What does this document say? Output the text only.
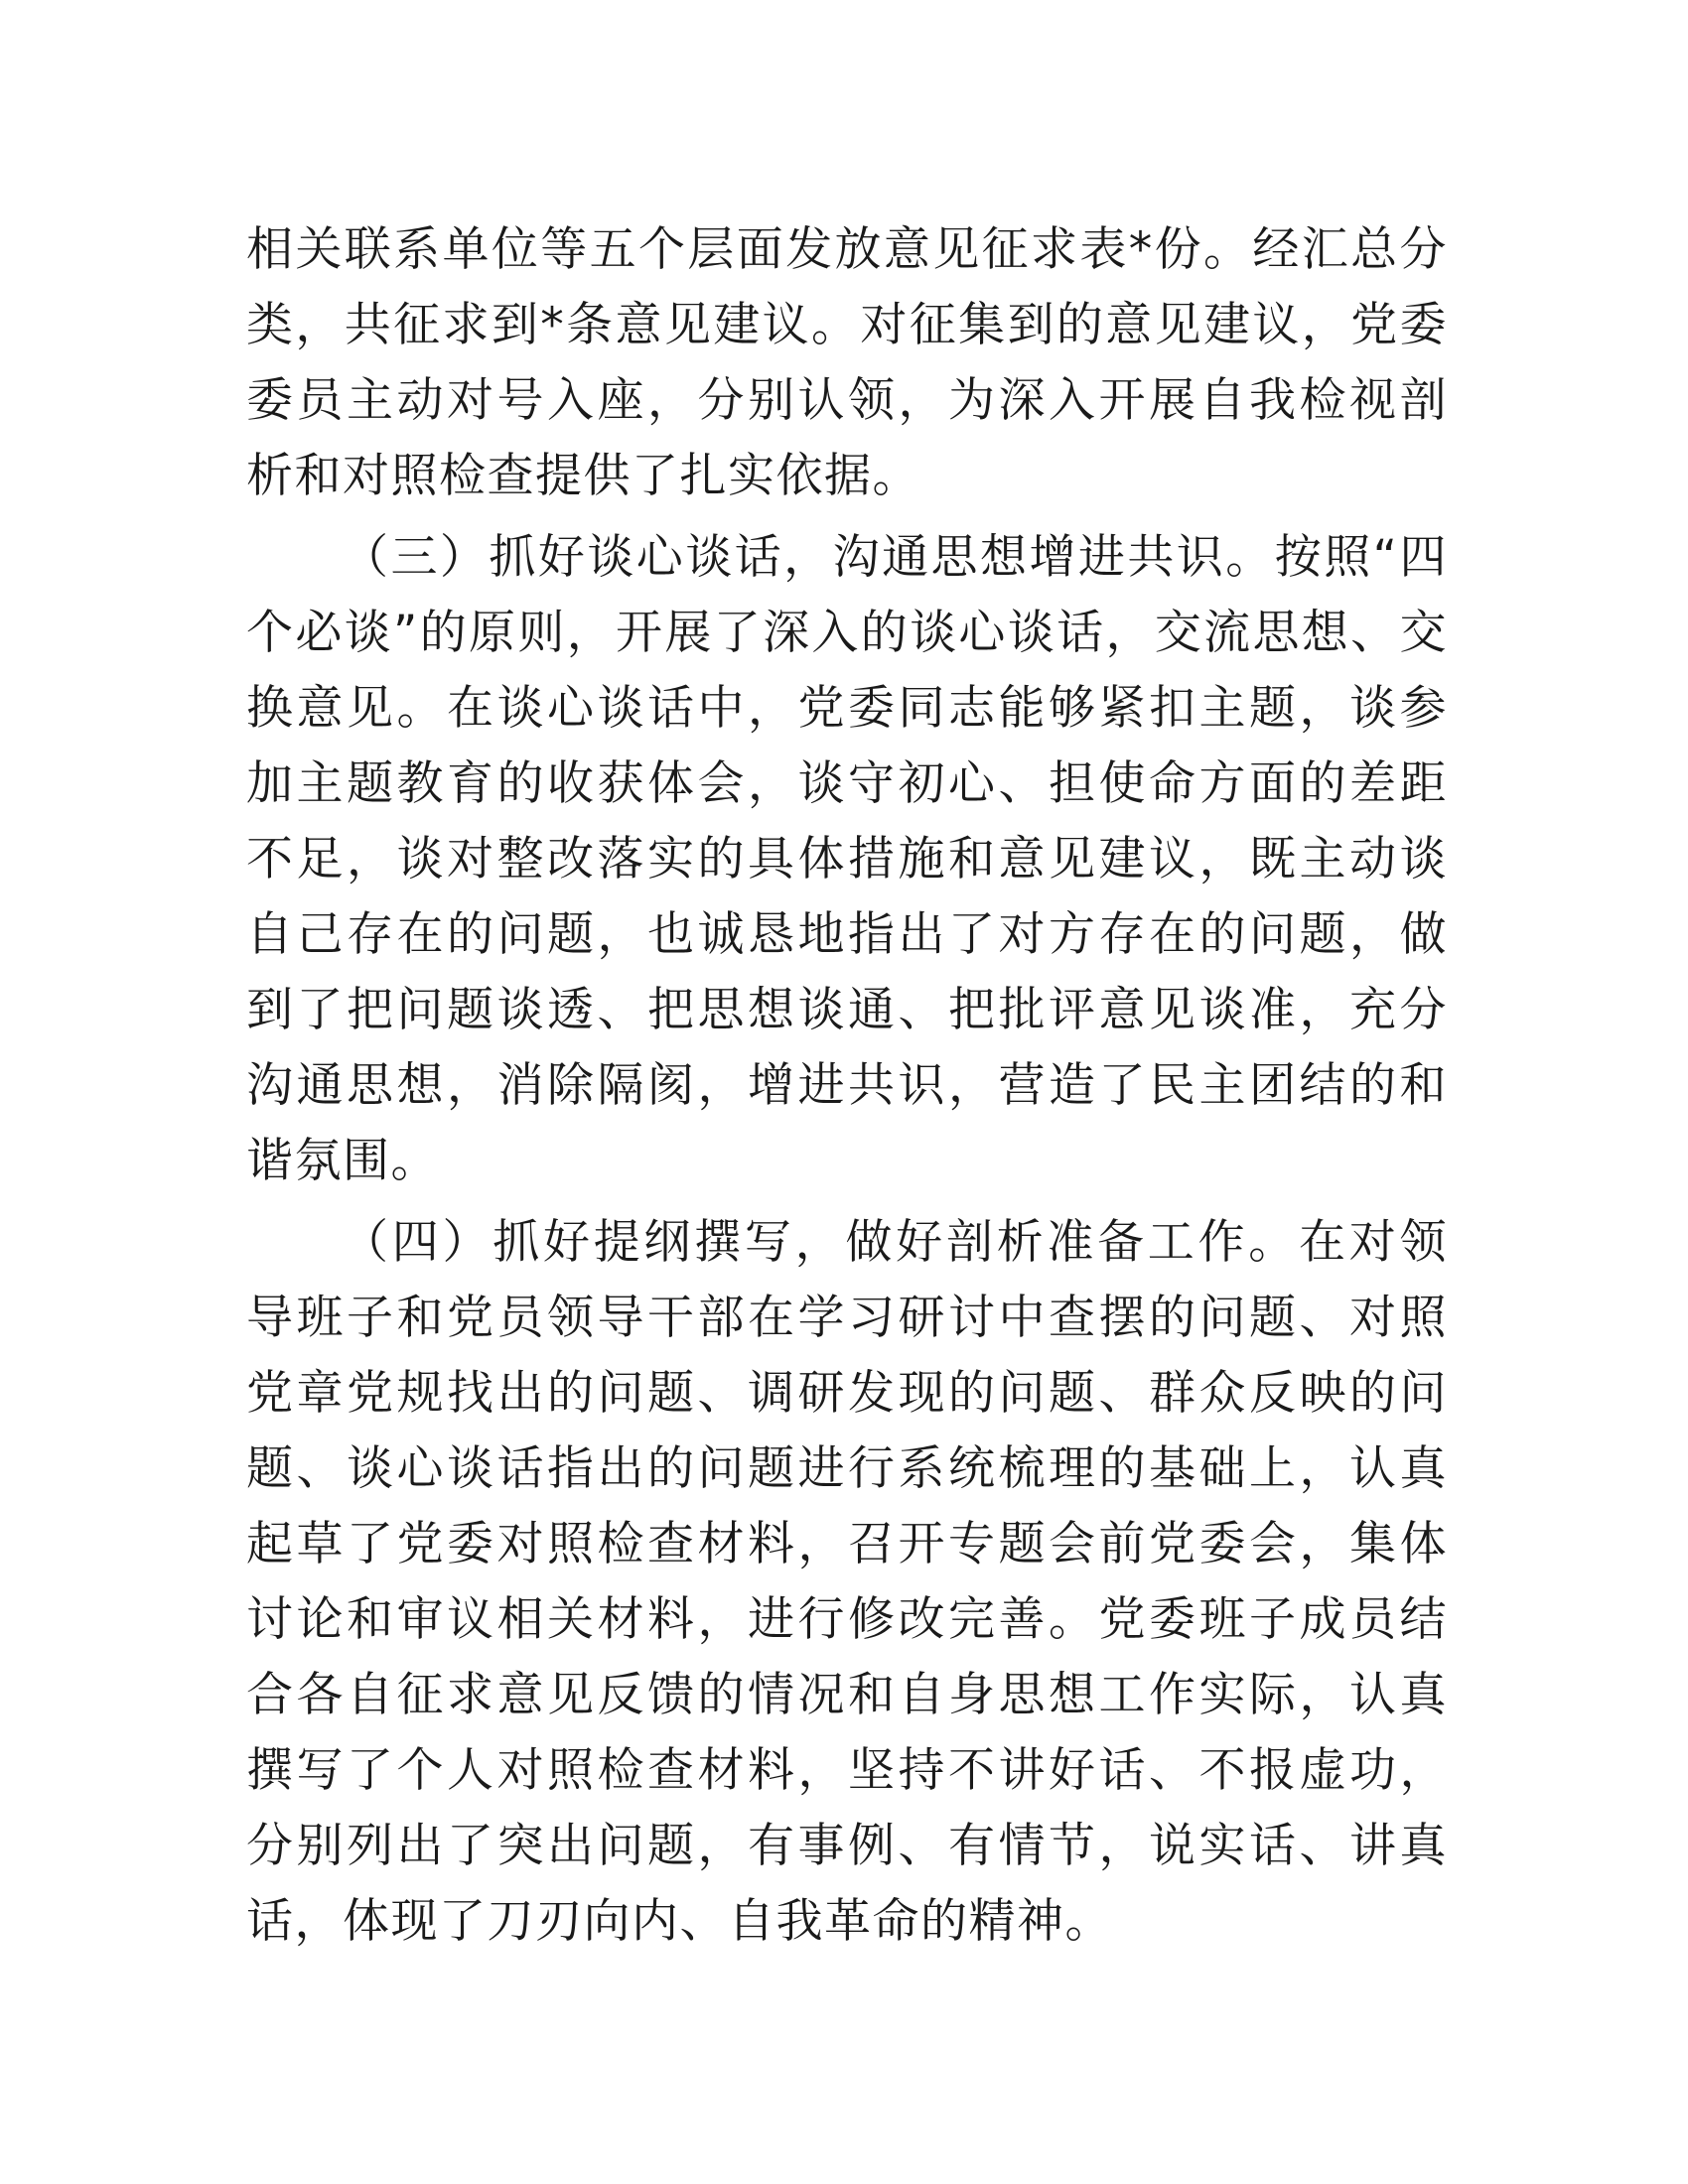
相关联系单位等五个层面发放意见征求表*份。经汇总分类，共征求到*条意见建议。对征集到的意见建议，党委委员主动对号入座，分别认领，为深入开展自我检视剖析和对照检查提供了扎实依据。

（三）抓好谈心谈话，沟通思想增进共识。按照“四个必谈”的原则，开展了深入的谈心谈话，交流思想、交换意见。在谈心谈话中，党委同志能够紧扣主题，谈参加主题教育的收获体会，谈守初心、担使命方面的差距不足，谈对整改落实的具体措施和意见建议，既主动谈自己存在的问题，也诚恳地指出了对方存在的问题，做到了把问题谈透、把思想谈通、把批评意见谈准，充分沟通思想，消除隔阂，增进共识，营造了民主团结的和谐氛围。

（四）抓好提纲撰写，做好剖析准备工作。在对领导班子和党员领导干部在学习研讨中查摆的问题、对照党章党规找出的问题、调研发现的问题、群众反映的问题、谈心谈话指出的问题进行系统梳理的基础上，认真起草了党委对照检查材料，召开专题会前党委会，集体讨论和审议相关材料，进行修改完善。党委班子成员结合各自征求意见反馈的情况和自身思想工作实际，认真撰写了个人对照检查材料，坚持不讲好话、不报虚功，分别列出了突出问题，有事例、有情节，说实话、讲真话，体现了刀刃向内、自我革命的精神。
